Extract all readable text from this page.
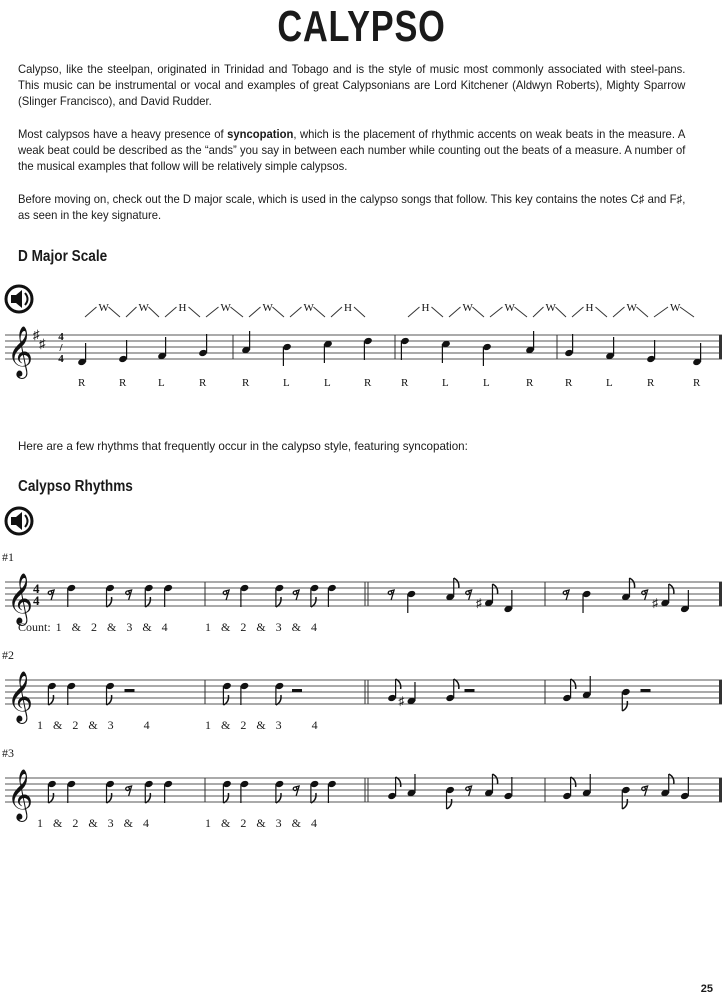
CALYPSO
Calypso, like the steelpan, originated in Trinidad and Tobago and is the style of music most commonly associated with steel-pans. This music can be instrumental or vocal and examples of great Calypsonians are Lord Kitchener (Aldwyn Roberts), Mighty Sparrow (Slinger Francisco), and David Rudder.
Most calypsos have a heavy presence of syncopation, which is the placement of rhythmic accents on weak beats in the measure. A weak beat could be described as the “ands” you say in between each number while counting out the beats of a measure. A number of the musical examples that follow will be relatively simple calypsos.
Before moving on, check out the D major scale, which is used in the calypso songs that follow. This key contains the notes C♯ and F♯, as seen in the key signature.
D Major Scale
𝄞 ♯
♯
R	R	L	R	R	L	L	R	R	L	L	R	R	L	R	R
W	W	H	W	W	W	H	H	W	W	W	H	W	W
4/4
Here are a few rhythms that frequently occur in the calypso style, featuring syncopation:
Calypso Rhythms
#1
𝄞 4
4	♯	♯
Count: 1  &  2  &  3  &  4	1  &  2  &  3  &  4
#2
𝄞	♯
1  &  2  &  3      4	1  &  2  &  3      4
#3
𝄞
1  &  2  &  3  &  4	1  &  2  &  3  &  4
25
